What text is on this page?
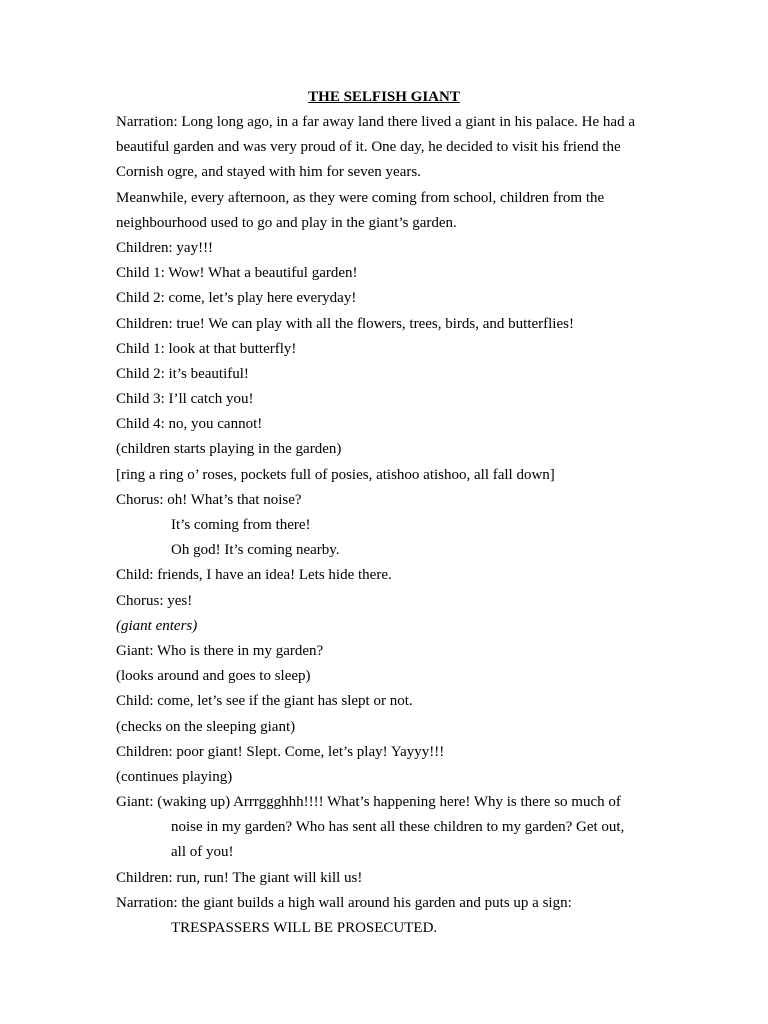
THE SELFISH GIANT
Narration: Long long ago, in a far away land there lived a giant in his palace. He had a
beautiful garden and was very proud of it. One day, he decided to visit his friend the
Cornish ogre, and stayed with him for seven years.
Meanwhile, every afternoon, as they were coming from school, children from the
neighbourhood used to go and play in the giant’s garden.
Children: yay!!!
Child 1: Wow! What a beautiful garden!
Child 2: come, let’s play here everyday!
Children: true! We can play with all the flowers, trees, birds, and butterflies!
Child 1: look at that butterfly!
Child 2: it’s beautiful!
Child 3: I’ll catch you!
Child 4: no, you cannot!
(children starts playing in the garden)
[ring a ring o’ roses, pockets full of posies, atishoo atishoo, all fall down]
Chorus: oh! What’s that noise?
It’s coming from there!
Oh god! It’s coming nearby.
Child: friends, I have an idea! Lets hide there.
Chorus: yes!
(giant enters)
Giant: Who is there in my garden?
(looks around and goes to sleep)
Child: come, let’s see if the giant has slept or not.
(checks on the sleeping giant)
Children: poor giant! Slept. Come, let’s play! Yayyy!!!
(continues playing)
Giant: (waking up) Arrrggghhh!!!! What’s happening here! Why is there so much of
noise in my garden? Who has sent all these children to my garden? Get out,
all of you!
Children: run, run! The giant will kill us!
Narration: the giant builds a high wall around his garden and puts up a sign:
TRESPASSERS WILL BE PROSECUTED.
